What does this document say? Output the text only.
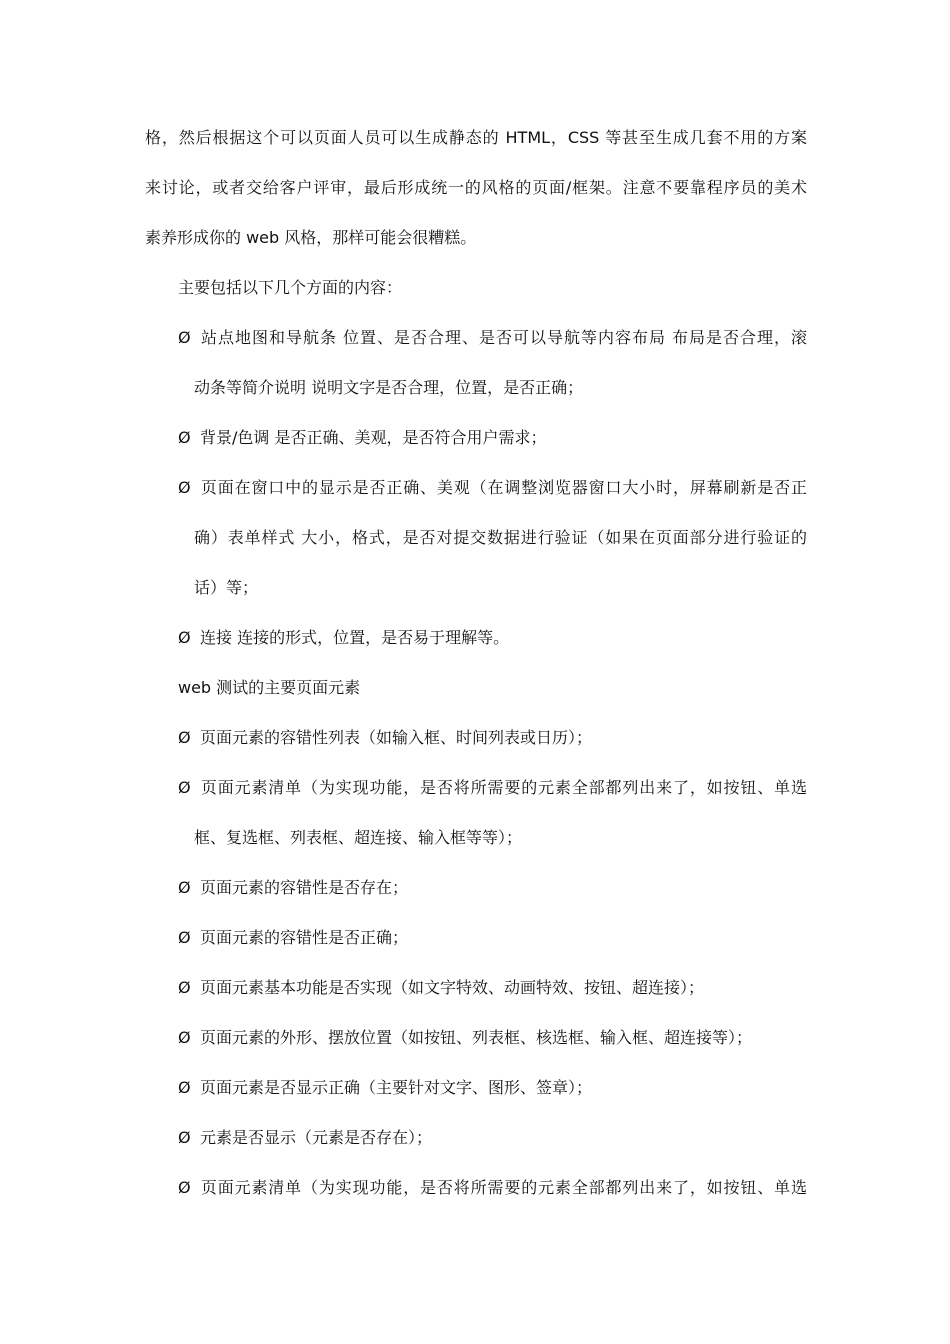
格，然后根据这个可以页面人员可以生成静态的 HTML，CSS 等甚至生成几套不用的方案
来讨论，或者交给客户评审，最后形成统一的风格的页面/框架。注意不要靠程序员的美术
素养形成你的 web 风格，那样可能会很糟糕。
主要包括以下几个方面的内容：
Ø 站点地图和导航条 位置、是否合理、是否可以导航等内容布局 布局是否合理，滚
动条等简介说明 说明文字是否合理，位置，是否正确；
Ø 背景/色调 是否正确、美观，是否符合用户需求；
Ø 页面在窗口中的显示是否正确、美观（在调整浏览器窗口大小时，屏幕刷新是否正
确）表单样式 大小，格式，是否对提交数据进行验证（如果在页面部分进行验证的
话）等；
Ø 连接 连接的形式，位置，是否易于理解等。
web 测试的主要页面元素
Ø 页面元素的容错性列表（如输入框、时间列表或日历）；
Ø 页面元素清单（为实现功能，是否将所需要的元素全部都列出来了，如按钮、单选
框、复选框、列表框、超连接、输入框等等）；
Ø 页面元素的容错性是否存在；
Ø 页面元素的容错性是否正确；
Ø 页面元素基本功能是否实现（如文字特效、动画特效、按钮、超连接）；
Ø 页面元素的外形、摆放位置（如按钮、列表框、核选框、输入框、超连接等）；
Ø 页面元素是否显示正确（主要针对文字、图形、签章）；
Ø 元素是否显示（元素是否存在）；
Ø 页面元素清单（为实现功能，是否将所需要的元素全部都列出来了，如按钮、单选
